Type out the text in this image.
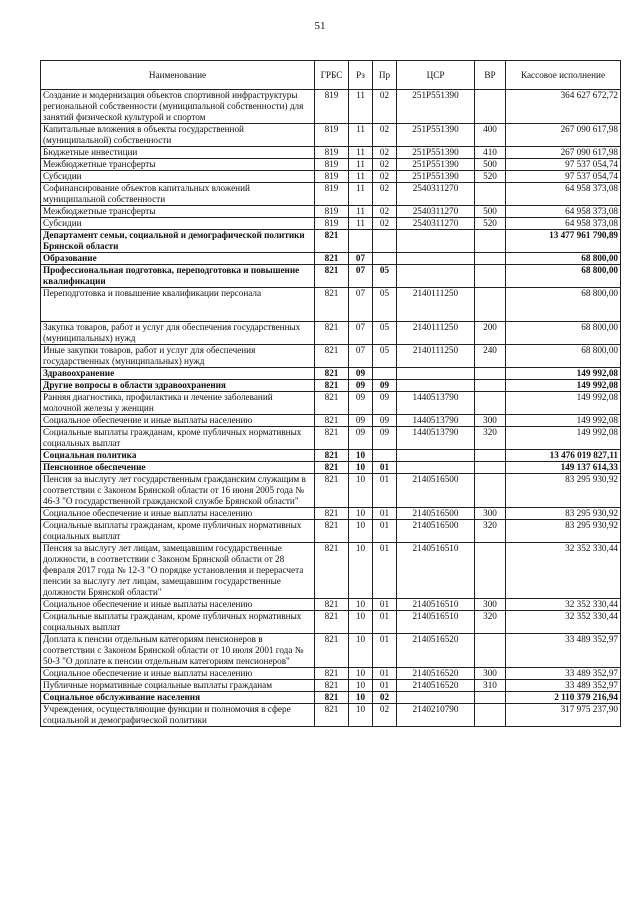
51
Наименование	ГРБС	Рз	Пр	ЦСР	ВР	Кассовое исполнение
Создание и модернизация объектов спортивной инфраструктуры региональной собственности (муниципальной собственности) для занятий физической культурой и спортом	819	11	02	251P551390		364 627 672,72
Капитальные вложения в объекты государственной (муниципальной) собственности	819	11	02	251P551390	400	267 090 617,98
Бюджетные инвестиции	819	11	02	251P551390	410	267 090 617,98
Межбюджетные трансферты	819	11	02	251P551390	500	97 537 054,74
Субсидии	819	11	02	251P551390	520	97 537 054,74
Софинансирование объектов капитальных вложений муниципальной собственности	819	11	02	2540311270		64 958 373,08
Межбюджетные трансферты	819	11	02	2540311270	500	64 958 373,08
Субсидии	819	11	02	2540311270	520	64 958 373,08
Департамент семьи, социальной и демографической политики Брянской области	821					13 477 961 790,89
Образование	821	07				68 800,00
Профессиональная подготовка, переподготовка и повышение квалификации	821	07	05			68 800,00
Переподготовка и повышение квалификации персонала	821	07	05	2140111250		68 800,00
Закупка товаров, работ и услуг для обеспечения государственных (муниципальных) нужд	821	07	05	2140111250	200	68 800,00
Иные закупки товаров, работ и услуг для обеспечения государственных (муниципальных) нужд	821	07	05	2140111250	240	68 800,00
Здравоохранение	821	09				149 992,08
Другие вопросы в области здравоохранения	821	09	09			149 992,08
Ранняя диагностика, профилактика и лечение заболеваний молочной железы у женщин	821	09	09	1440513790		149 992,08
Социальное обеспечение и иные выплаты населению	821	09	09	1440513790	300	149 992,08
Социальные выплаты гражданам, кроме публичных нормативных социальных выплат	821	09	09	1440513790	320	149 992,08
Социальная политика	821	10				13 476 019 827,11
Пенсионное обеспечение	821	10	01			149 137 614,33
Пенсия за выслугу лет государственным гражданским служащим в соответствии с Законом Брянской области от 16 июня 2005 года № 46-З "О государственной гражданской службе Брянской области"	821	10	01	2140516500		83 295 930,92
Социальное обеспечение и иные выплаты населению	821	10	01	2140516500	300	83 295 930,92
Социальные выплаты гражданам, кроме публичных нормативных социальных выплат	821	10	01	2140516500	320	83 295 930,92
Пенсия за выслугу лет лицам, замещавшим государственные должности, в соответствии с Законом Брянской области от 28 февраля 2017 года № 12-З "О порядке установления и перерасчета пенсии за выслугу лет лицам, замещавшим государственные должности Брянской области"	821	10	01	2140516510		32 352 330,44
Социальное обеспечение и иные выплаты населению	821	10	01	2140516510	300	32 352 330,44
Социальные выплаты гражданам, кроме публичных нормативных социальных выплат	821	10	01	2140516510	320	32 352 330,44
Доплата к пенсии отдельным категориям пенсионеров в соответствии с Законом Брянской области от 10 июля 2001 года № 50-З "О доплате к пенсии отдельным категориям пенсионеров"	821	10	01	2140516520		33 489 352,97
Социальное обеспечение и иные выплаты населению	821	10	01	2140516520	300	33 489 352,97
Публичные нормативные социальные выплаты гражданам	821	10	01	2140516520	310	33 489 352,97
Социальное обслуживание населения	821	10	02			2 110 379 216,94
Учреждения, осуществляющие функции и полномочия в сфере социальной и демографической политики	821	10	02	2140210790		317 975 237,90
